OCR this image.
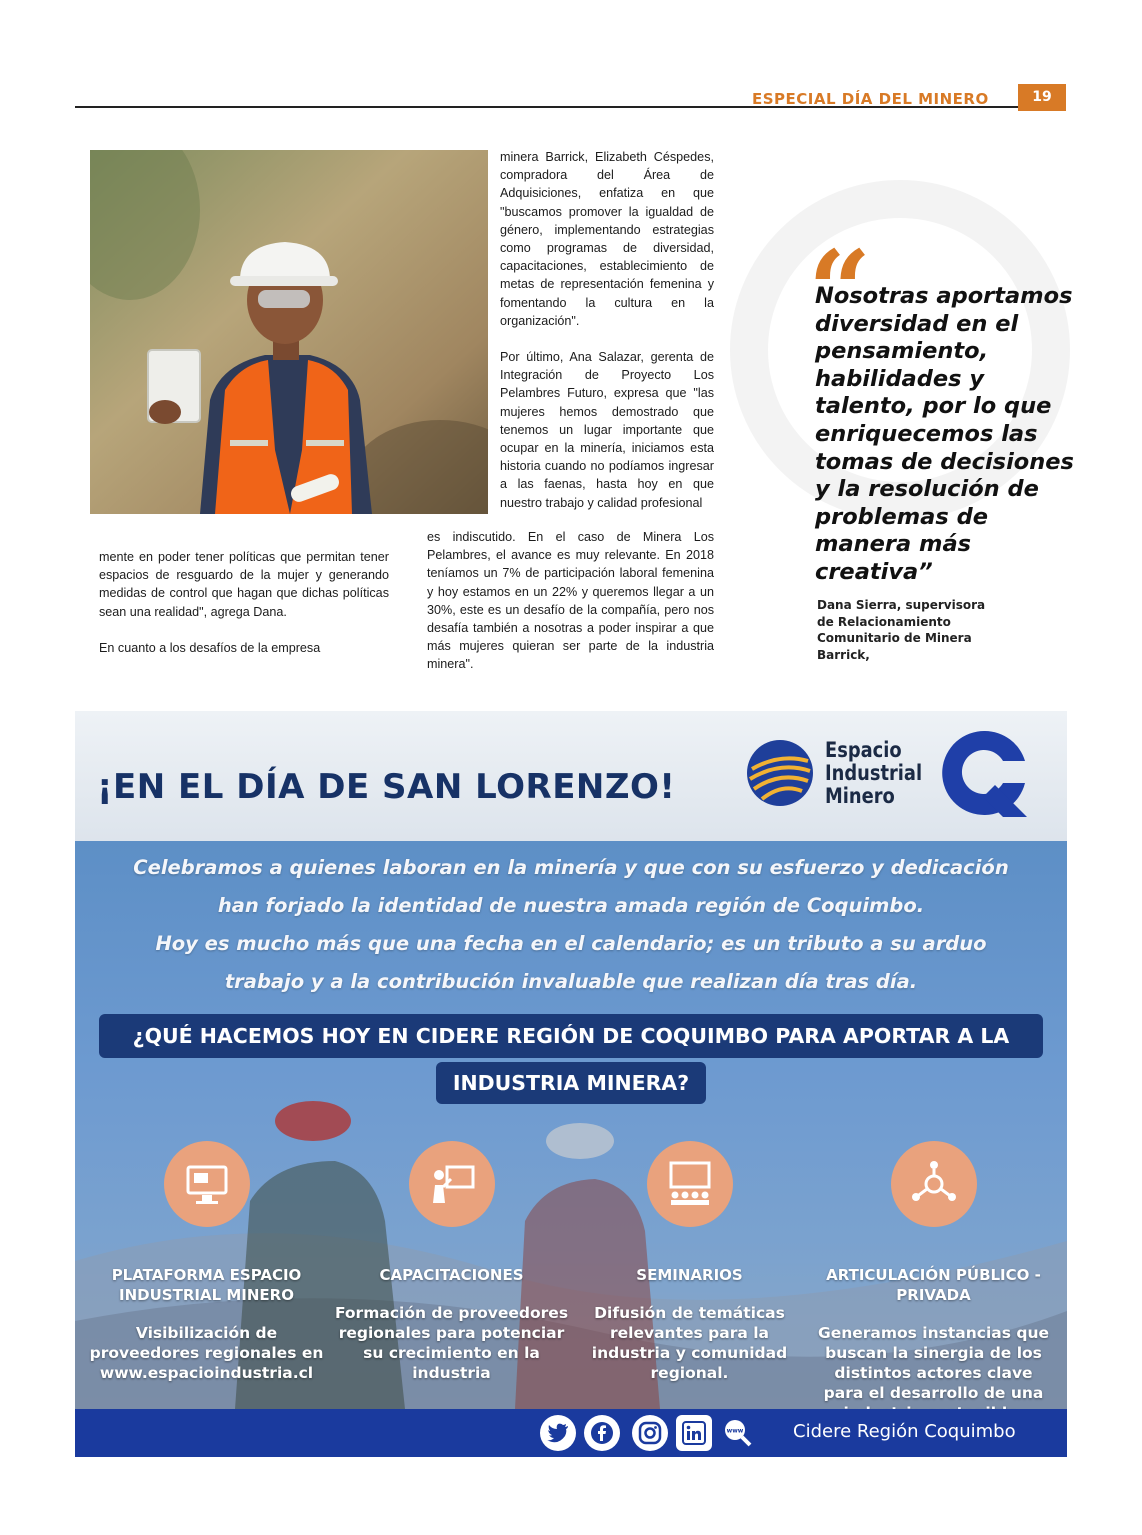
ESPECIAL DÍA DEL MINERO	19

mente en poder tener políticas que permitan tener espacios de resguardo de la mujer y generando medidas de control que hagan que dichas políticas sean una realidad", agrega Dana.

En cuanto a los desafíos de la empresa

minera Barrick, Elizabeth Céspedes, compradora del Área de Adquisiciones, enfatiza en que "buscamos promover la igualdad de género, implementando estrategias como programas de diversidad, capacitaciones, establecimiento de metas de representación femenina y fomentando la cultura en la organización".

Por último, Ana Salazar, gerenta de Integración de Proyecto Los Pelambres Futuro, expresa que "las mujeres hemos demostrado que tenemos un lugar importante que ocupar en la minería, iniciamos esta historia cuando no podíamos ingresar a las faenas, hasta hoy en que nuestro trabajo y calidad profesional

es indiscutido. En el caso de Minera Los Pelambres, el avance es muy relevante. En 2018 teníamos un 7% de participación laboral femenina y hoy estamos en un 22% y queremos llegar a un 30%, este es un desafío de la compañía, pero nos desafía también a nosotras a poder inspirar a que más mujeres quieran ser parte de la industria minera".

“
Nosotras aportamos diversidad en el pensamiento, habilidades y talento, por lo que enriquecemos las tomas de decisiones y la resolución de problemas de manera más creativa”
Dana Sierra, supervisora
de Relacionamiento
Comunitario de Minera
Barrick,
¡EN EL DÍA DE SAN LORENZO!
Espacio
Industrial
Minero
Celebramos a quienes laboran en la minería y que con su esfuerzo y dedicación
han forjado la identidad de nuestra amada región de Coquimbo.
Hoy es mucho más que una fecha en el calendario; es un tributo a su arduo
trabajo y a la contribución invaluable que realizan día tras día.
¿QUÉ HACEMOS HOY EN CIDERE REGIÓN DE COQUIMBO PARA APORTAR A LA
INDUSTRIA MINERA?
PLATAFORMA ESPACIO INDUSTRIAL MINERO
Visibilización de proveedores regionales en www.espacioindustria.cl
CAPACITACIONES
Formación de proveedores regionales para potenciar su crecimiento en la industria
SEMINARIOS
Difusión de temáticas relevantes para la industria y comunidad regional.
ARTICULACIÓN PÚBLICO - PRIVADA
Generamos instancias que buscan la sinergia de los distintos actores clave para el desarrollo de una
www	Cidere Región Coquimbo
